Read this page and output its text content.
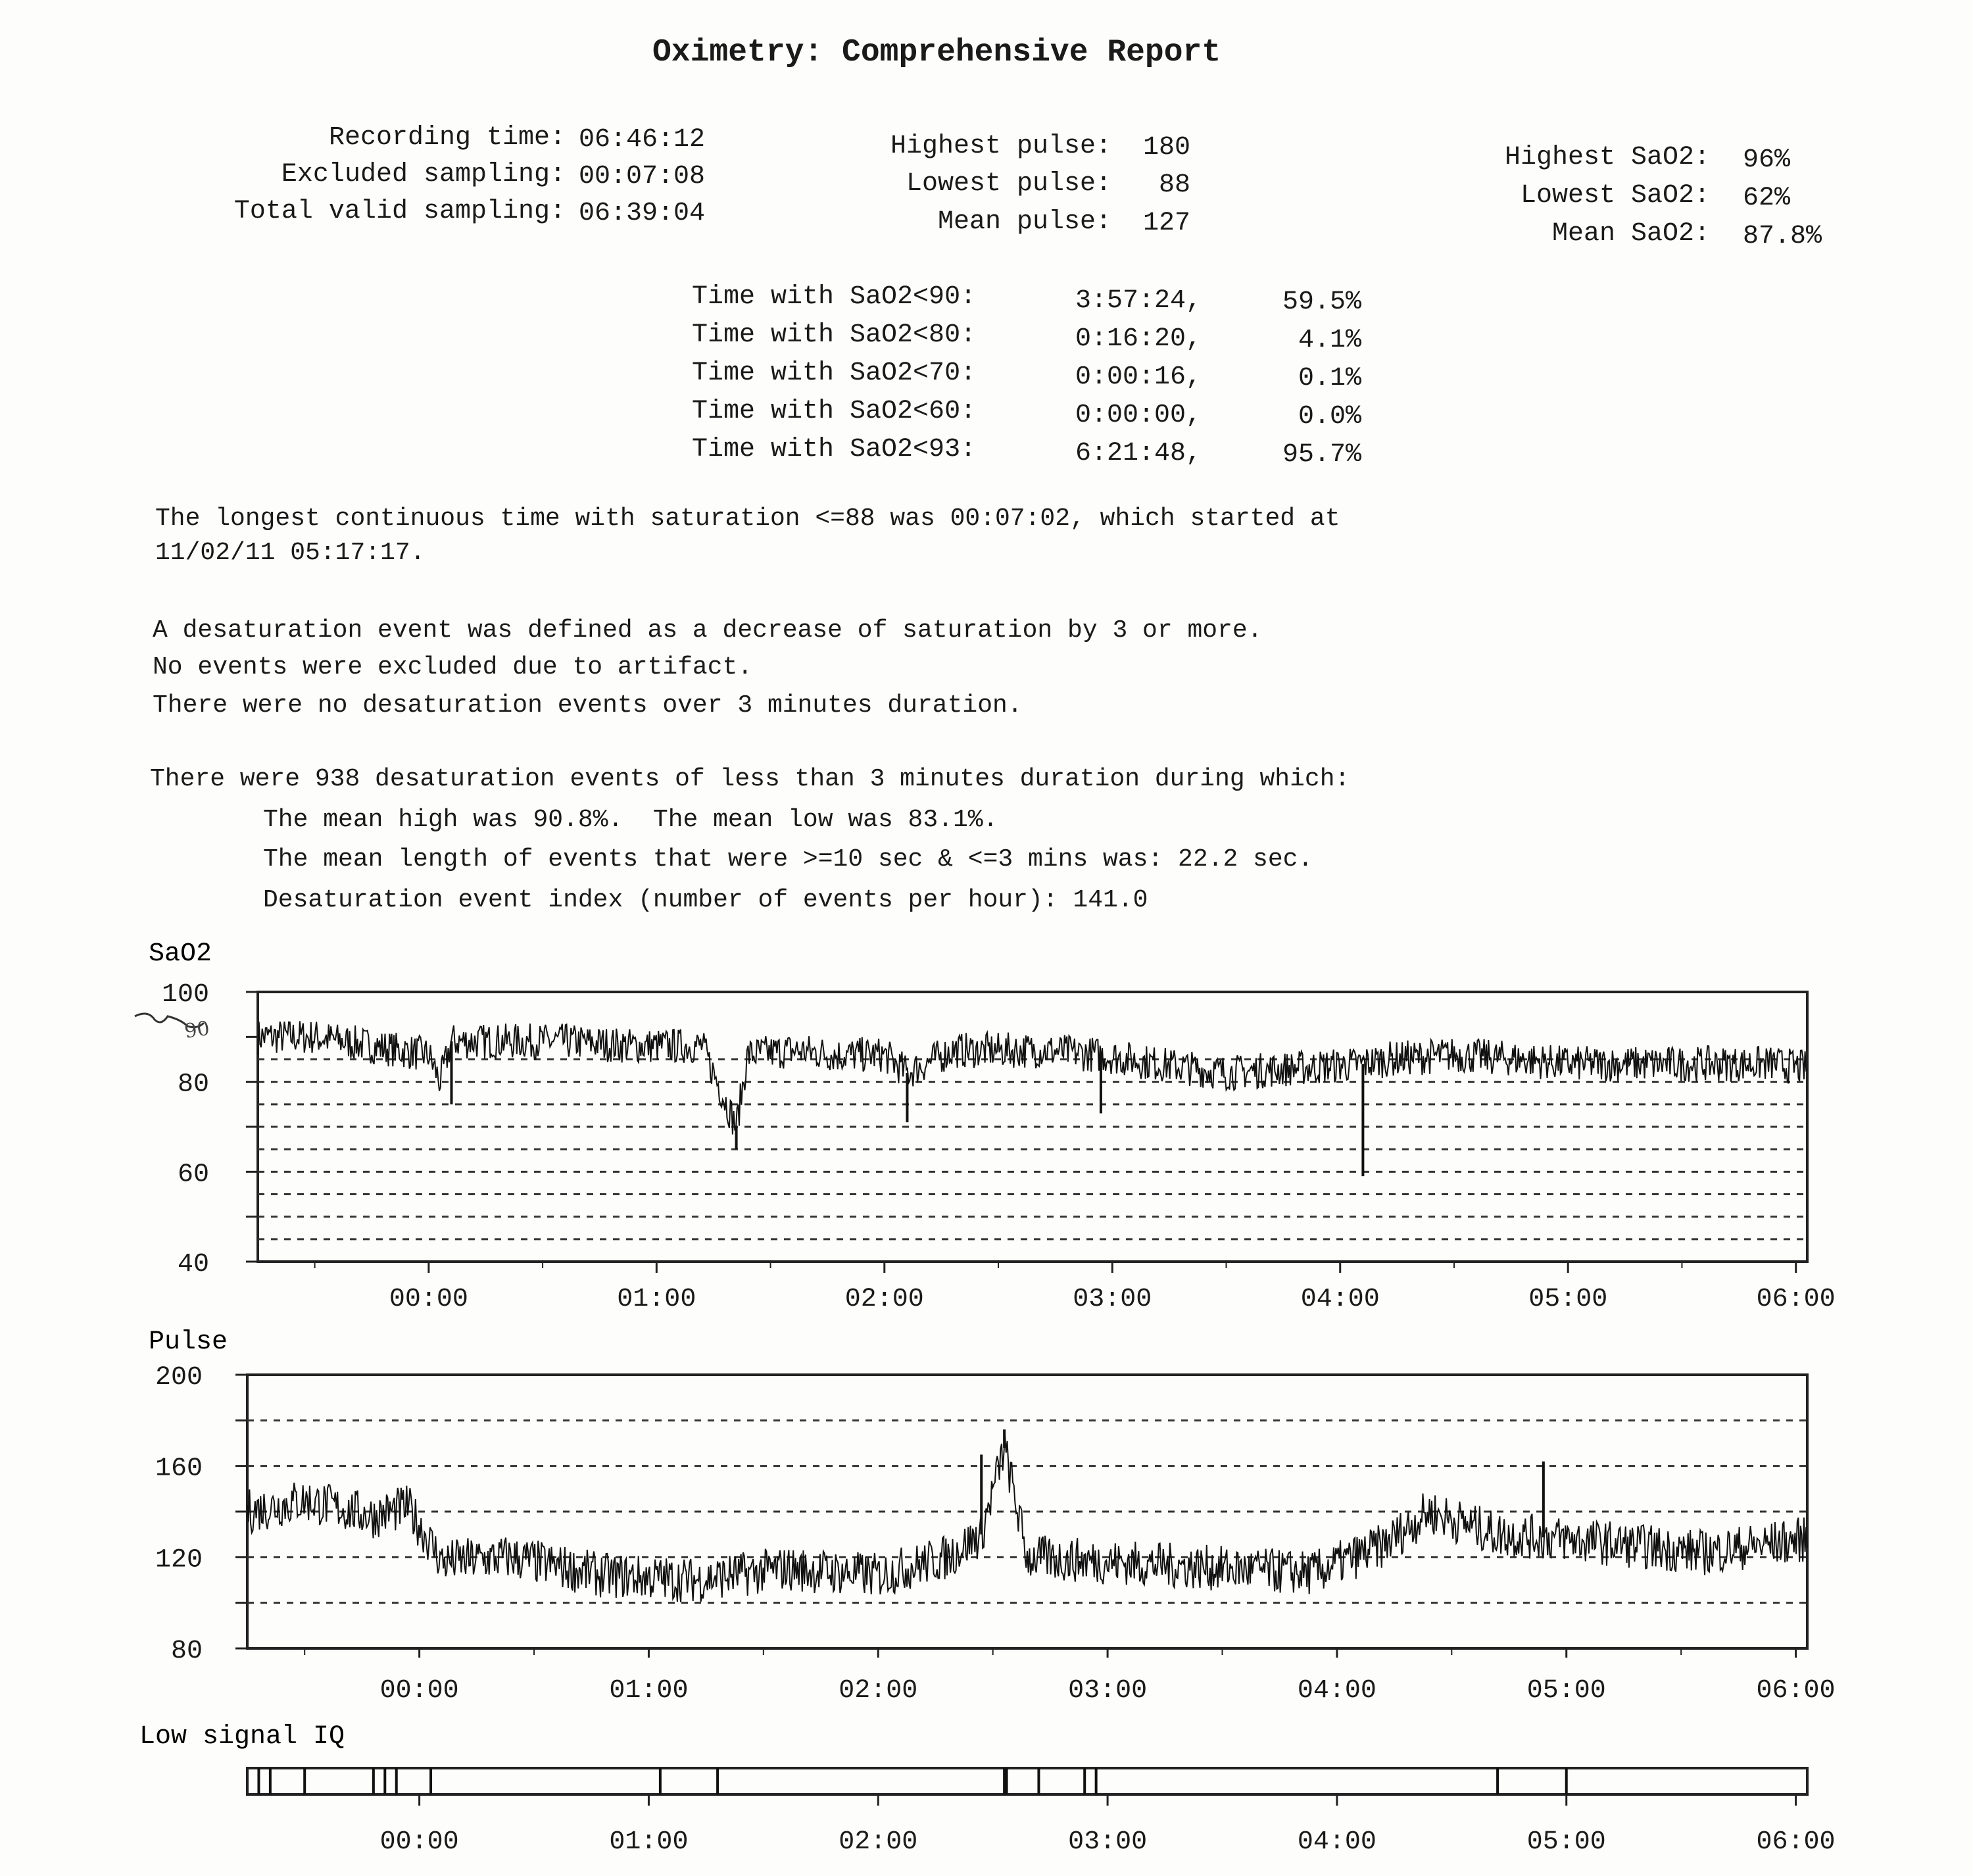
Oximetry: Comprehensive Report
Recording time: 06:46:12
Excluded sampling: 00:07:08
Total valid sampling: 06:39:04
Highest pulse:	180
Lowest pulse:	88
Mean pulse:	127
Highest SaO2: 96%
Lowest SaO2: 62%
Mean SaO2: 87.8%
Time with SaO2<90:	3:57:24,	59.5%
Time with SaO2<80:	0:16:20,	4.1%
Time with SaO2<70:	0:00:16,	0.1%
Time with SaO2<60:	0:00:00,	0.0%
Time with SaO2<93:	6:21:48,	95.7%
The longest continuous time with saturation <=88 was 00:07:02, which started at
11/02/11 05:17:17.
A desaturation event was defined as a decrease of saturation by 3 or more.
No events were excluded due to artifact.
There were no desaturation events over 3 minutes duration.
There were 938 desaturation events of less than 3 minutes duration during which:
The mean high was 90.8%.  The mean low was 83.1%.
The mean length of events that were >=10 sec & <=3 mins was: 22.2 sec.
Desaturation event index (number of events per hour): 141.0
SaO2
100
80
60
40
00:00	01:00	02:00	03:00	04:00	05:00	06:00
Pulse
200
160
120
80
00:00	01:00	02:00	03:00	04:00	05:00	06:00
Low signal IQ
00:00	01:00	02:00	03:00	04:00	05:00	06:00
90
